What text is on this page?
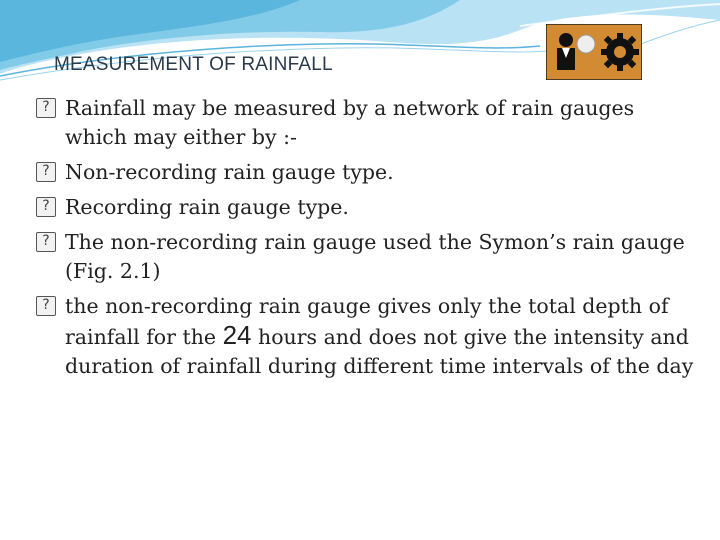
MEASUREMENT OF RAINFALL
? Rainfall may be measured by a network of rain gauges which may either by :-
? Non-recording rain gauge type.
? Recording rain gauge type.
? The non-recording rain gauge used the Symon’s rain gauge (Fig. 2.1)
? the non-recording rain gauge gives only the total depth of rainfall for the 24 hours and does not give the intensity and duration of rainfall during different time intervals of the day
